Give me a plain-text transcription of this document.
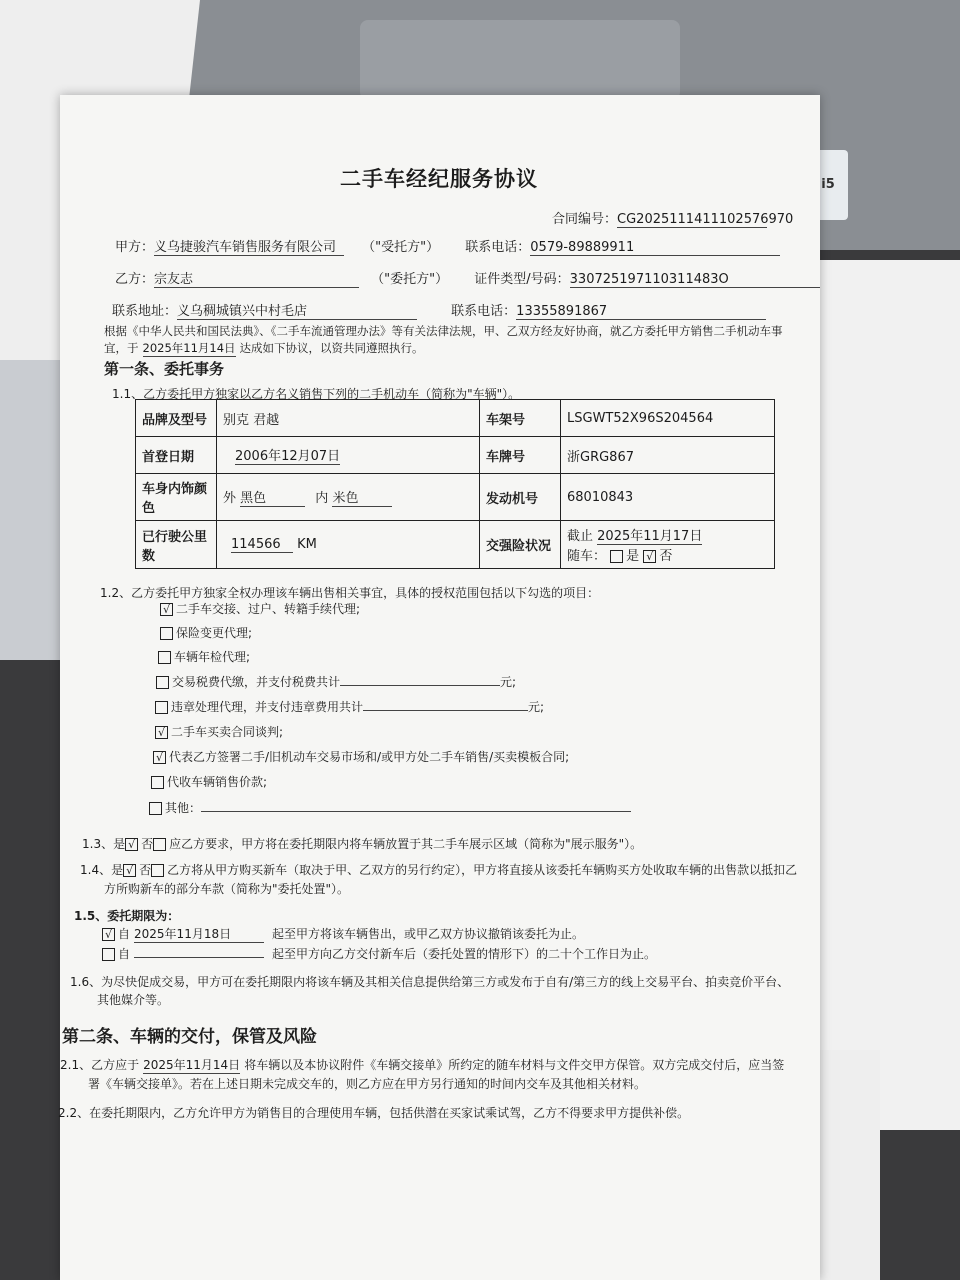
i5
二手车经纪服务协议
合同编号：CG2025111411102576970
甲方：义乌捷骏汽车销售服务有限公司 （"受托方"） 联系电话：0579-89889911
乙方：宗友志	（"委托方"） 证件类型/号码：330725197110311483O
联系地址：义乌稠城镇兴中村毛店	联系电话：13355891867
根据《中华人民共和国民法典》、《二手车流通管理办法》等有关法律法规，甲、乙双方经友好协商，就乙方委托甲方销售二手机动车事
宜，于 2025年11月14日 达成如下协议，以资共同遵照执行。
第一条、委托事务
1.1、乙方委托甲方独家以乙方名义销售下列的二手机动车（简称为"车辆"）。
品牌及型号	别克 君越	车架号	LSGWT52X96S204564
首登日期	2006年12月07日	车牌号	浙GRG867
车身内饰颜色	外 黑色 内 米色	发动机号	68010843
已行驶公里数	114566 KM	交强险状况	截止 2025年11月17日
随车： 是 √ 否
1.2、乙方委托甲方独家全权办理该车辆出售相关事宜，具体的授权范围包括以下勾选的项目：
√ 二手车交接、过户、转籍手续代理;
保险变更代理;
车辆年检代理;
交易税费代缴，并支付税费共计	元;
违章处理代理，并支付违章费用共计	元;
√ 二手车买卖合同谈判;
√ 代表乙方签署二手/旧机动车交易市场和/或甲方处二手车销售/买卖模板合同;
代收车辆销售价款;
其他：
1.3、是 √ 否 应乙方要求，甲方将在委托期限内将车辆放置于其二手车展示区域（简称为"展示服务"）。
1.4、是 √ 否 乙方将从甲方购买新车（取决于甲、乙双方的另行约定），甲方将直接从该委托车辆购买方处收取车辆的出售款以抵扣乙
方所购新车的部分车款（简称为"委托处置"）。
1.5、委托期限为：
√ 自 2025年11月18日	起至甲方将该车辆售出，或甲乙双方协议撤销该委托为止。
自	起至甲方向乙方交付新车后（委托处置的情形下）的二十个工作日为止。
1.6、为尽快促成交易，甲方可在委托期限内将该车辆及其相关信息提供给第三方或发布于自有/第三方的线上交易平台、拍卖竞价平台、
其他媒介等。
第二条、车辆的交付，保管及风险
2.1、乙方应于 2025年11月14日 将车辆以及本协议附件《车辆交接单》所约定的随车材料与文件交甲方保管。双方完成交付后，应当签
署《车辆交接单》。若在上述日期未完成交车的，则乙方应在甲方另行通知的时间内交车及其他相关材料。
2.2、在委托期限内，乙方允许甲方为销售目的合理使用车辆，包括供潜在买家试乘试驾，乙方不得要求甲方提供补偿。
